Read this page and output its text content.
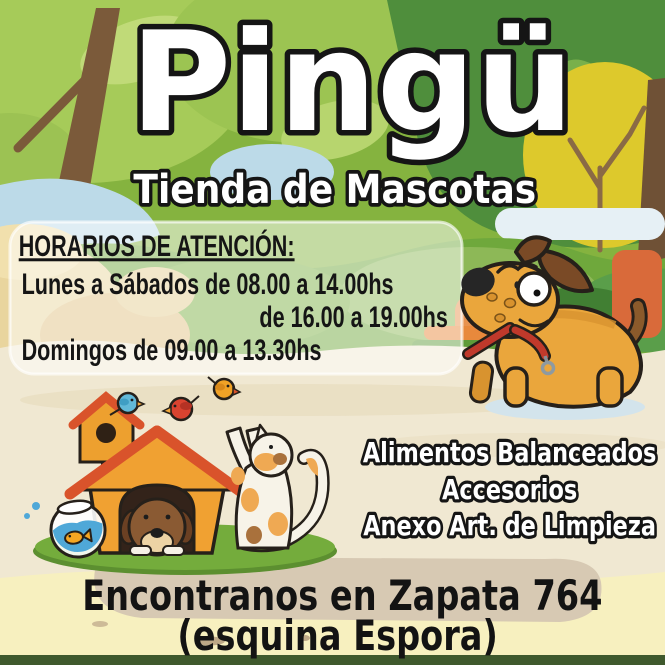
Pingü
Tienda de Mascotas
HORARIOS DE ATENCIÓN:
Lunes a Sábados de 08.00 a 14.00hs
de 16.00 a 19.00hs
Domingos de 09.00 a 13.30hs
Alimentos Balanceados
Accesorios
Anexo Art. de Limpieza
Encontranos en Zapata 764
(esquina Espora)
